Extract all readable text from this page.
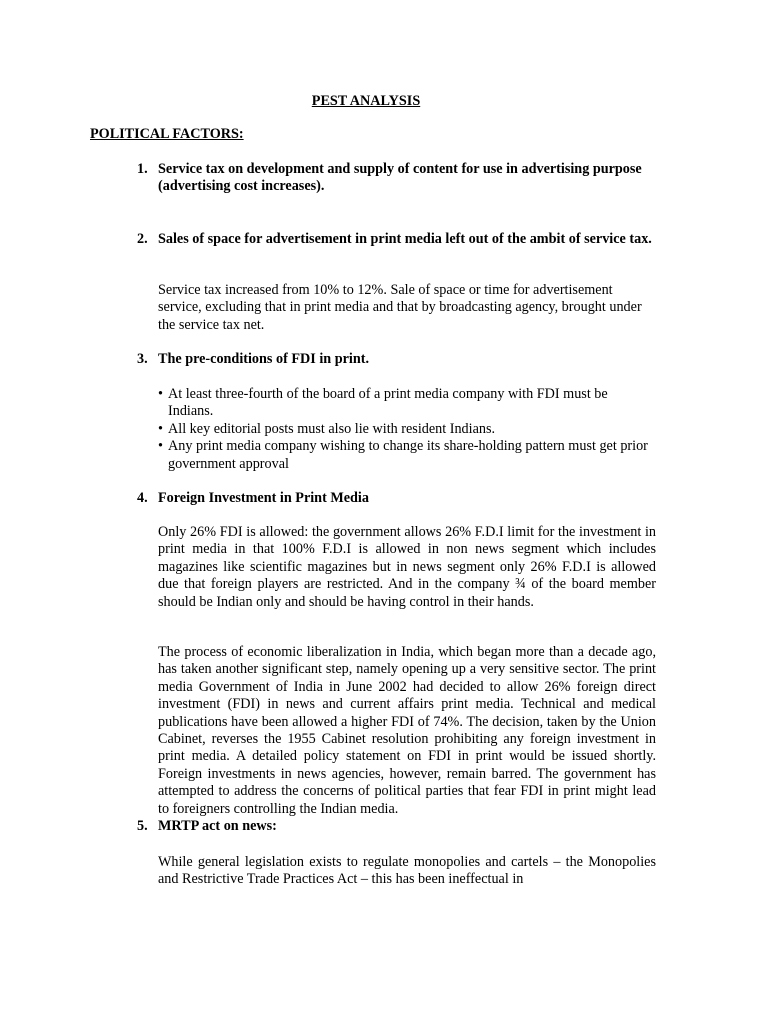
PEST ANALYSIS
POLITICAL FACTORS:
1. Service tax on development and supply of content for use in advertising purpose (advertising cost increases).
2. Sales of space for advertisement in print media left out of the ambit of service tax.
Service tax increased from 10% to 12%. Sale of space or time for advertisement service, excluding that in print media and that by broadcasting agency, brought under the service tax net.
3. The pre-conditions of FDI in print.
• At least three-fourth of the board of a print media company with FDI must be Indians.
• All key editorial posts must also lie with resident Indians.
• Any print media company wishing to change its share-holding pattern must get prior government approval
4. Foreign Investment in Print Media
Only 26% FDI is allowed: the government allows 26% F.D.I limit for the investment in print media in that 100% F.D.I is allowed in non news segment which includes magazines like scientific magazines but in news segment only 26% F.D.I is allowed due that foreign players are restricted. And in the company ¾ of the board member should be Indian only and should be having control in their hands.
The process of economic liberalization in India, which began more than a decade ago, has taken another significant step, namely opening up a very sensitive sector. The print media Government of India in June 2002 had decided to allow 26% foreign direct investment (FDI) in news and current affairs print media. Technical and medical publications have been allowed a higher FDI of 74%. The decision, taken by the Union Cabinet, reverses the 1955 Cabinet resolution prohibiting any foreign investment in print media. A detailed policy statement on FDI in print would be issued shortly. Foreign investments in news agencies, however, remain barred. The government has attempted to address the concerns of political parties that fear FDI in print might lead to foreigners controlling the Indian media.
5. MRTP act on news:
While general legislation exists to regulate monopolies and cartels – the Monopolies and Restrictive Trade Practices Act – this has been ineffectual in
